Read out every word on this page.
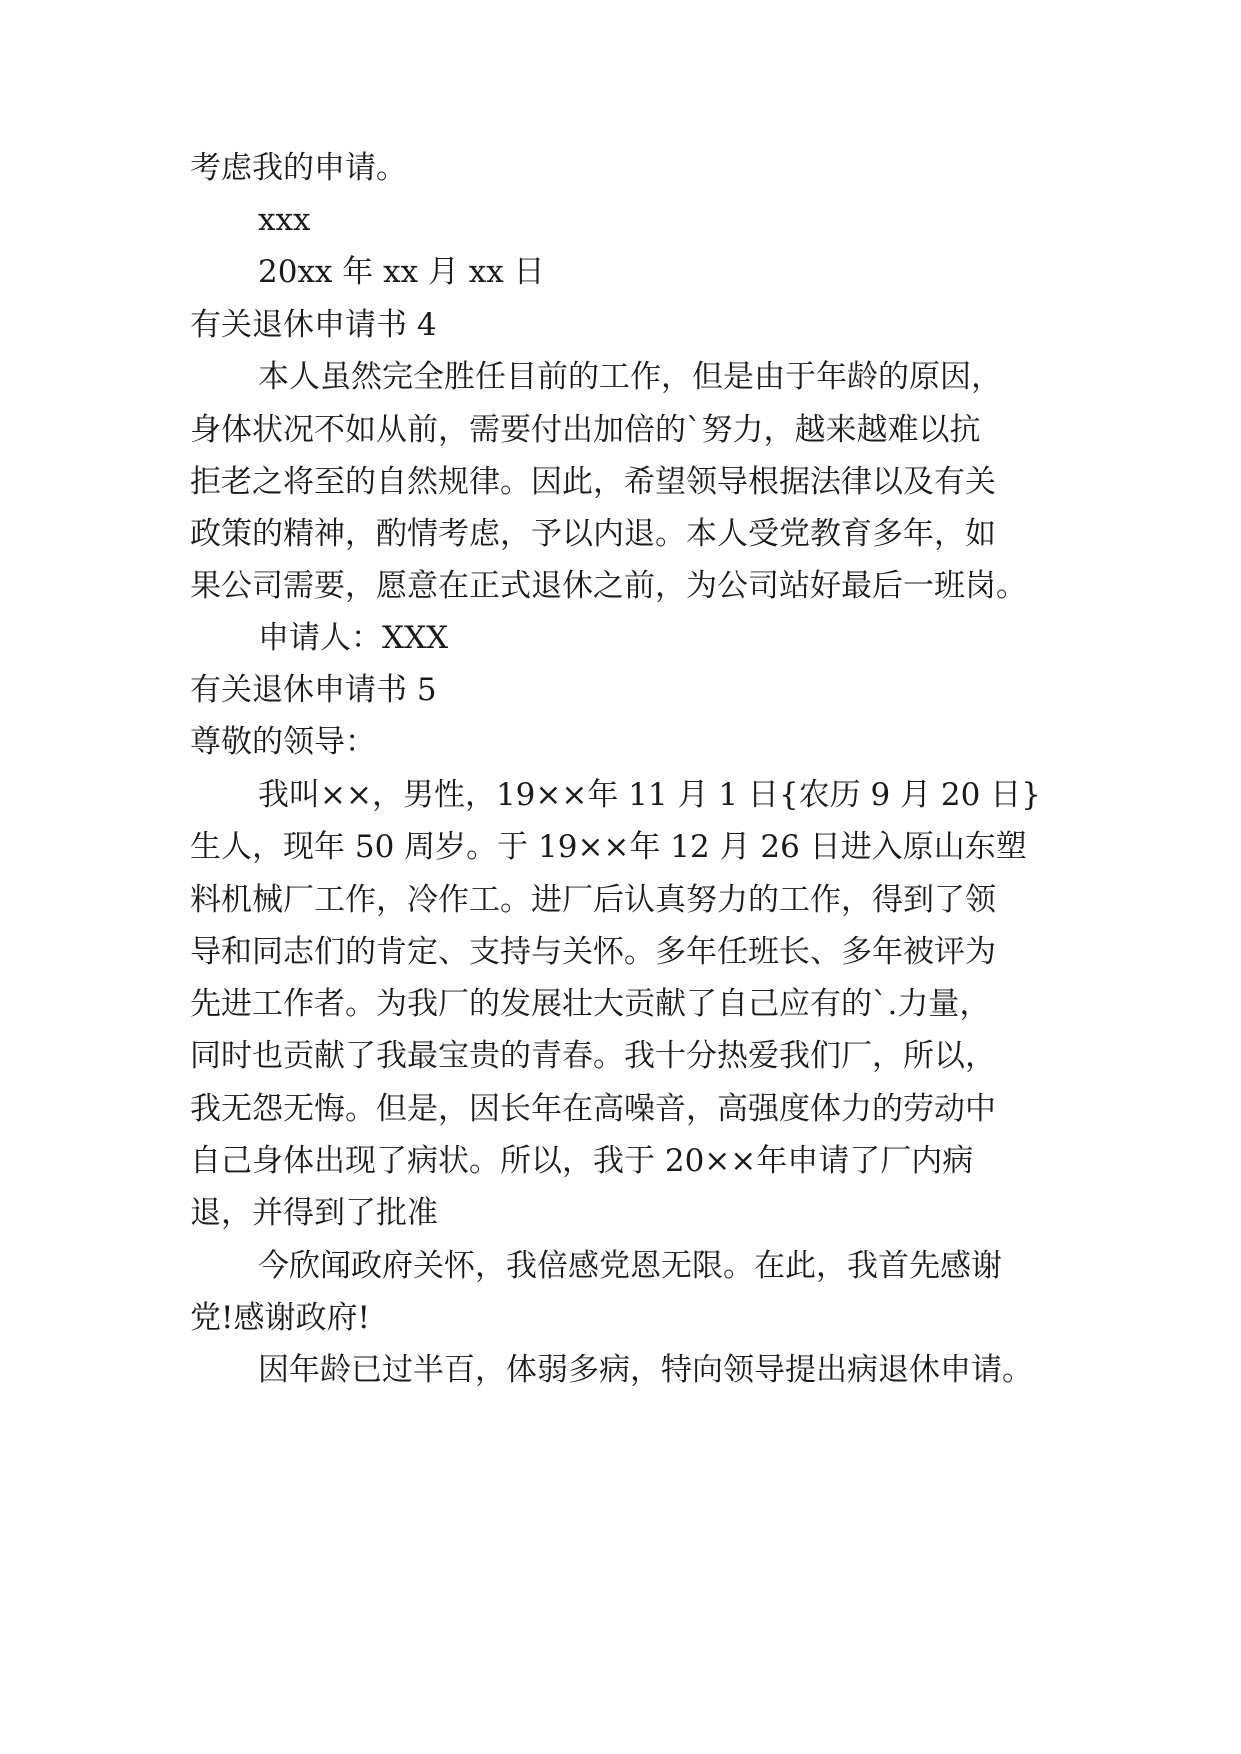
考虑我的申请。

xxx

20xx 年 xx 月 xx 日

有关退休申请书 4

本人虽然完全胜任目前的工作，但是由于年龄的原因，

身体状况不如从前，需要付出加倍的`努力，越来越难以抗

拒老之将至的自然规律。因此，希望领导根据法律以及有关

政策的精神，酌情考虑，予以内退。本人受党教育多年，如

果公司需要，愿意在正式退休之前，为公司站好最后一班岗。

申请人：XXX

有关退休申请书 5

尊敬的领导：

我叫××，男性，19××年 11 月 1 日{农历 9 月 20 日}

生人，现年 50 周岁。于 19××年 12 月 26 日进入原山东塑

料机械厂工作，冷作工。进厂后认真努力的工作，得到了领

导和同志们的肯定、支持与关怀。多年任班长、多年被评为

先进工作者。为我厂的发展壮大贡献了自己应有的`.力量，

同时也贡献了我最宝贵的青春。我十分热爱我们厂，所以，

我无怨无悔。但是，因长年在高噪音，高强度体力的劳动中

自己身体出现了病状。所以，我于 20××年申请了厂内病

退，并得到了批准

今欣闻政府关怀，我倍感党恩无限。在此，我首先感谢

党!感谢政府!

因年龄已过半百，体弱多病，特向领导提出病退休申请。
